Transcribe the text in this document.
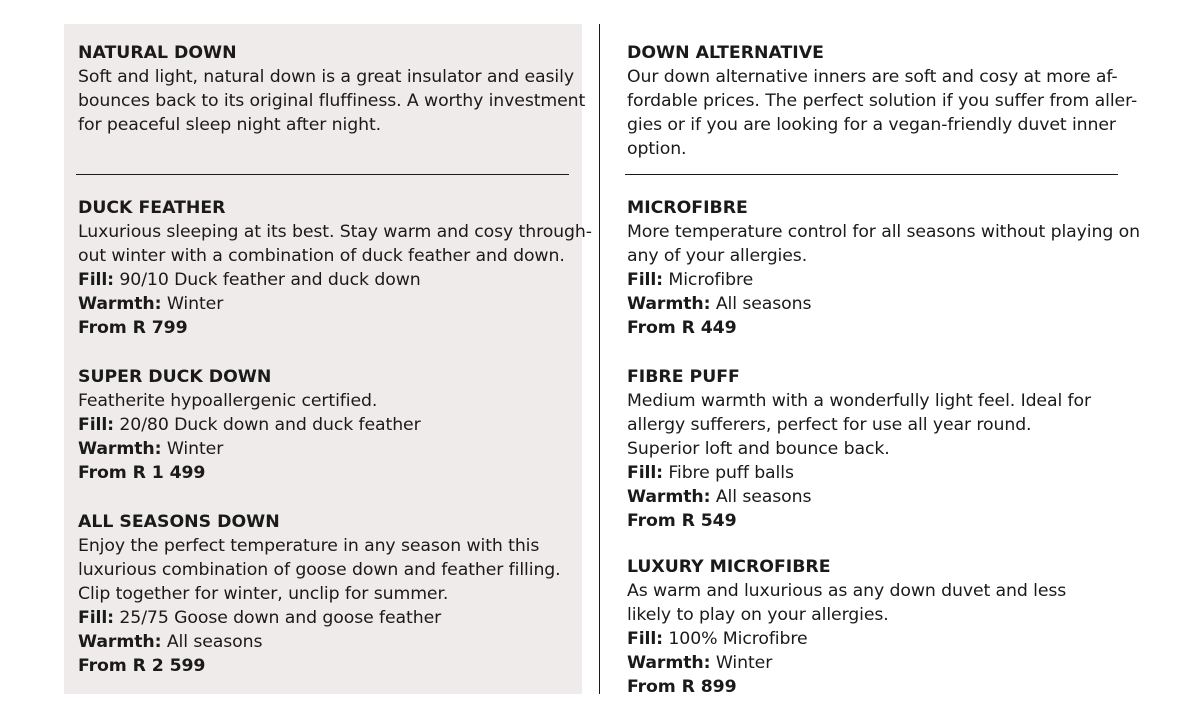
NATURAL DOWN
Soft and light, natural down is a great insulator and easily
bounces back to its original fluffiness. A worthy investment
for peaceful sleep night after night.
DUCK FEATHER
Luxurious sleeping at its best. Stay warm and cosy through-
out winter with a combination of duck feather and down.
Fill: 90/10 Duck feather and duck down
Warmth: Winter
From R 799
SUPER DUCK DOWN
Featherite hypoallergenic certified.
Fill: 20/80 Duck down and duck feather
Warmth: Winter
From R 1 499
ALL SEASONS DOWN
Enjoy the perfect temperature in any season with this
luxurious combination of goose down and feather filling.
Clip together for winter, unclip for summer.
Fill: 25/75 Goose down and goose feather
Warmth: All seasons
From R 2 599
DOWN ALTERNATIVE
Our down alternative inners are soft and cosy at more af-
fordable prices. The perfect solution if you suffer from aller-
gies or if you are looking for a vegan-friendly duvet inner
option.
MICROFIBRE
More temperature control for all seasons without playing on
any of your allergies.
Fill: Microfibre
Warmth: All seasons
From R 449
FIBRE PUFF
Medium warmth with a wonderfully light feel. Ideal for
allergy sufferers, perfect for use all year round.
Superior loft and bounce back.
Fill: Fibre puff balls
Warmth: All seasons
From R 549
LUXURY MICROFIBRE
As warm and luxurious as any down duvet and less
likely to play on your allergies.
Fill: 100% Microfibre
Warmth: Winter
From R 899
